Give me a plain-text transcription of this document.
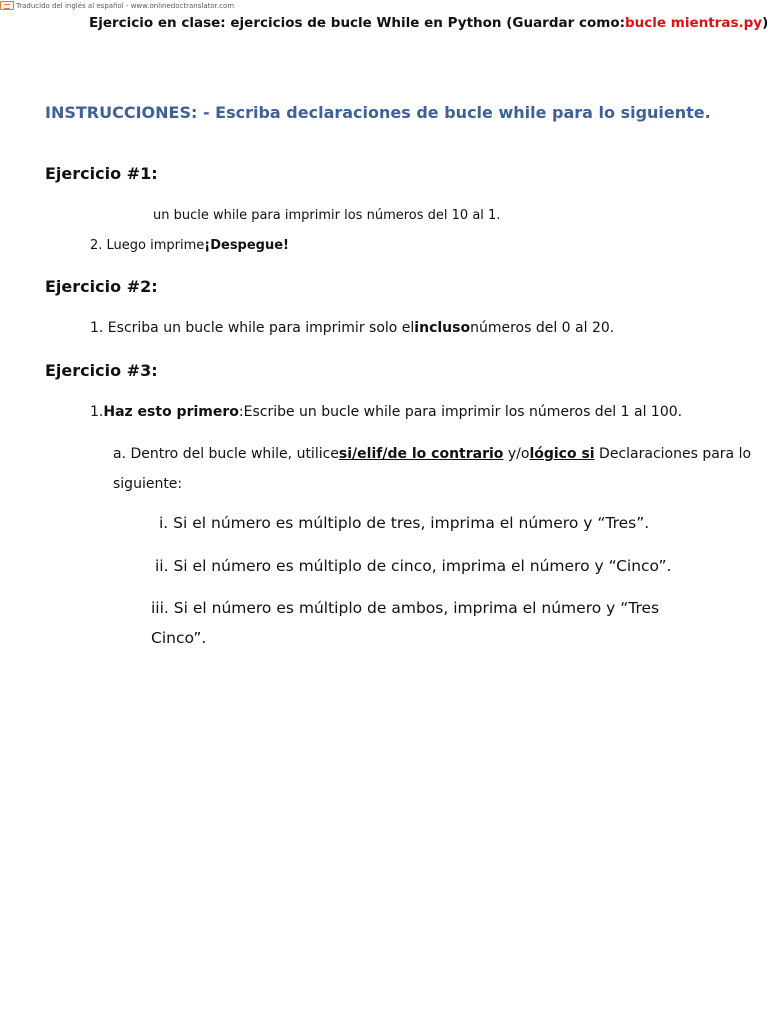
Traducido del inglés al español - www.onlinedoctranslator.com
Ejercicio en clase: ejercicios de bucle While en Python (Guardar como:bucle mientras.py)
INSTRUCCIONES: - Escriba declaraciones de bucle while para lo siguiente.
Ejercicio #1:
un bucle while para imprimir los números del 10 al 1.
2. Luego imprime¡Despegue!
Ejercicio #2:
1. Escriba un bucle while para imprimir solo elinclusonúmeros del 0 al 20.
Ejercicio #3:
1.Haz esto primero:Escribe un bucle while para imprimir los números del 1 al 100.
a. Dentro del bucle while, utilicesi/elif/de lo contrario y/ológico si Declaraciones para lo
siguiente:
i. Si el número es múltiplo de tres, imprima el número y “Tres”.
ii. Si el número es múltiplo de cinco, imprima el número y “Cinco”.
iii. Si el número es múltiplo de ambos, imprima el número y “Tres
Cinco”.
